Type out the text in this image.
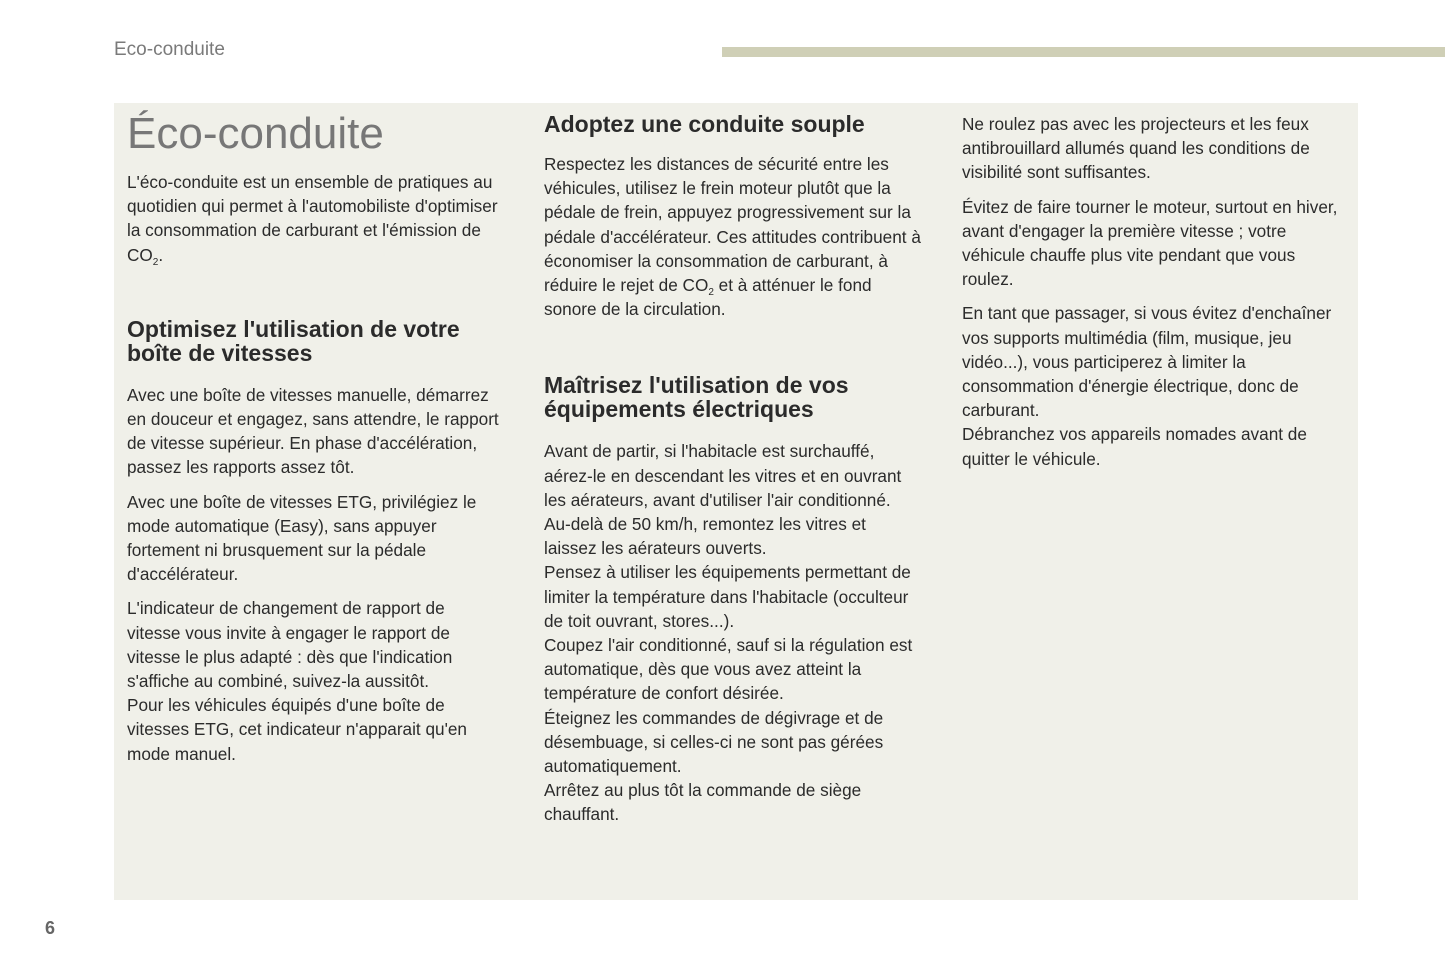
Eco-conduite
Éco-conduite

L'éco-conduite est un ensemble de pratiques au quotidien qui permet à l'automobiliste d'optimiser la consommation de carburant et l'émission de $CO_2$.

Optimisez l'utilisation de votre boîte de vitesses

Avec une boîte de vitesses manuelle, démarrez en douceur et engagez, sans attendre, le rapport de vitesse supérieur. En phase d'accélération, passez les rapports assez tôt.

Avec une boîte de vitesses ETG, privilégiez le mode automatique (Easy), sans appuyer fortement ni brusquement sur la pédale d'accélérateur.

L'indicateur de changement de rapport de vitesse vous invite à engager le rapport de vitesse le plus adapté : dès que l'indication s'affiche au combiné, suivez-la aussitôt.

Pour les véhicules équipés d'une boîte de vitesses ETG, cet indicateur n'apparait qu'en mode manuel.

Adoptez une conduite souple

Respectez les distances de sécurité entre les véhicules, utilisez le frein moteur plutôt que la pédale de frein, appuyez progressivement sur la pédale d'accélérateur. Ces attitudes contribuent à économiser la consommation de carburant, à réduire le rejet de $CO_2$ et à atténuer le fond sonore de la circulation.

Maîtrisez l'utilisation de vos équipements électriques

Avant de partir, si l'habitacle est surchauffé, aérez-le en descendant les vitres et en ouvrant les aérateurs, avant d'utiliser l'air conditionné.

Au-delà de 50 km/h, remontez les vitres et laissez les aérateurs ouverts.

Pensez à utiliser les équipements permettant de limiter la température dans l'habitacle (occulteur de toit ouvrant, stores...).

Coupez l'air conditionné, sauf si la régulation est automatique, dès que vous avez atteint la température de confort désirée.

Éteignez les commandes de dégivrage et de désembuage, si celles-ci ne sont pas gérées automatiquement.

Arrêtez au plus tôt la commande de siège chauffant.

Ne roulez pas avec les projecteurs et les feux antibrouillard allumés quand les conditions de visibilité sont suffisantes.

Évitez de faire tourner le moteur, surtout en hiver, avant d'engager la première vitesse ; votre véhicule chauffe plus vite pendant que vous roulez.

En tant que passager, si vous évitez d'enchaîner vos supports multimédia (film, musique, jeu vidéo...), vous participerez à limiter la consommation d'énergie électrique, donc de carburant.

Débranchez vos appareils nomades avant de quitter le véhicule.

6
